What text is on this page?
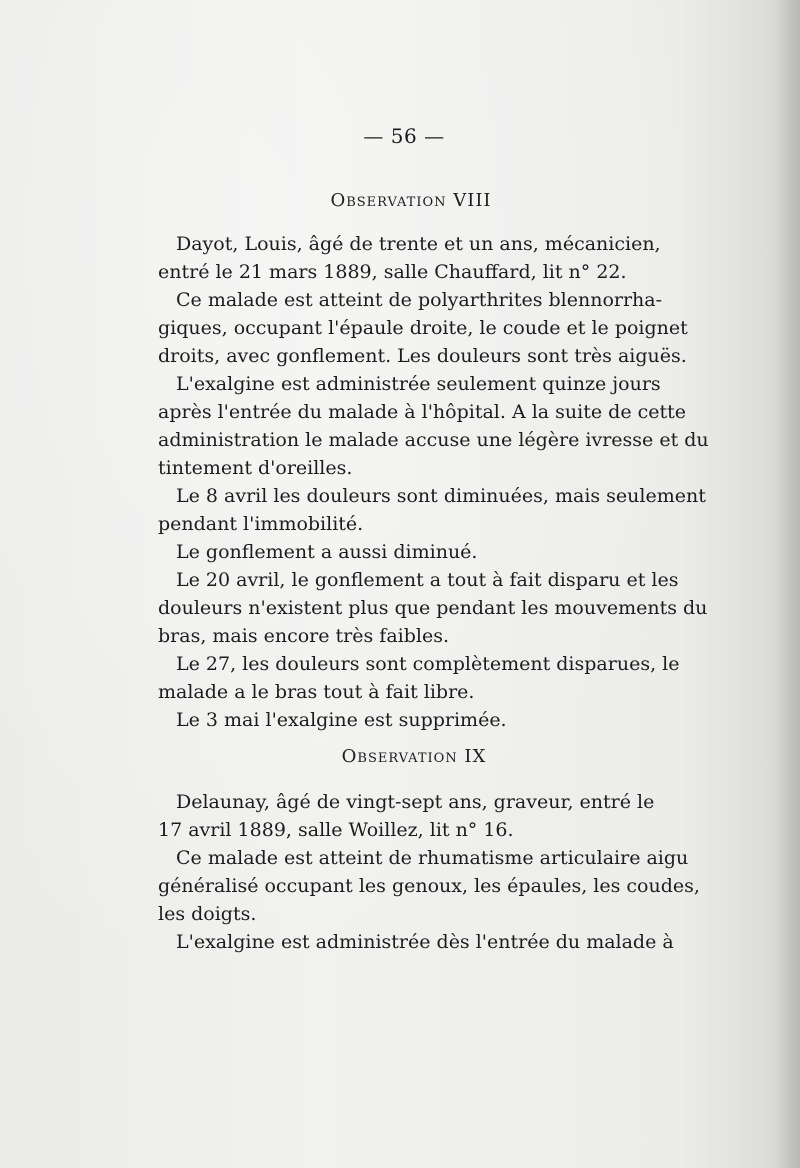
— 56 —
Observation VIII
Dayot, Louis, âgé de trente et un ans, mécanicien,
entré le 21 mars 1889, salle Chauffard, lit n° 22.
Ce malade est atteint de polyarthrites blennorrha-
giques, occupant l'épaule droite, le coude et le poignet
droits, avec gonflement. Les douleurs sont très aiguës.
L'exalgine est administrée seulement quinze jours
après l'entrée du malade à l'hôpital. A la suite de cette
administration le malade accuse une légère ivresse et du
tintement d'oreilles.
Le 8 avril les douleurs sont diminuées, mais seulement
pendant l'immobilité.
Le gonflement a aussi diminué.
Le 20 avril, le gonflement a tout à fait disparu et les
douleurs n'existent plus que pendant les mouvements du
bras, mais encore très faibles.
Le 27, les douleurs sont complètement disparues, le
malade a le bras tout à fait libre.
Le 3 mai l'exalgine est supprimée.
Observation IX
Delaunay, âgé de vingt-sept ans, graveur, entré le
17 avril 1889, salle Woillez, lit n° 16.
Ce malade est atteint de rhumatisme articulaire aigu
généralisé occupant les genoux, les épaules, les coudes,
les doigts.
L'exalgine est administrée dès l'entrée du malade à
